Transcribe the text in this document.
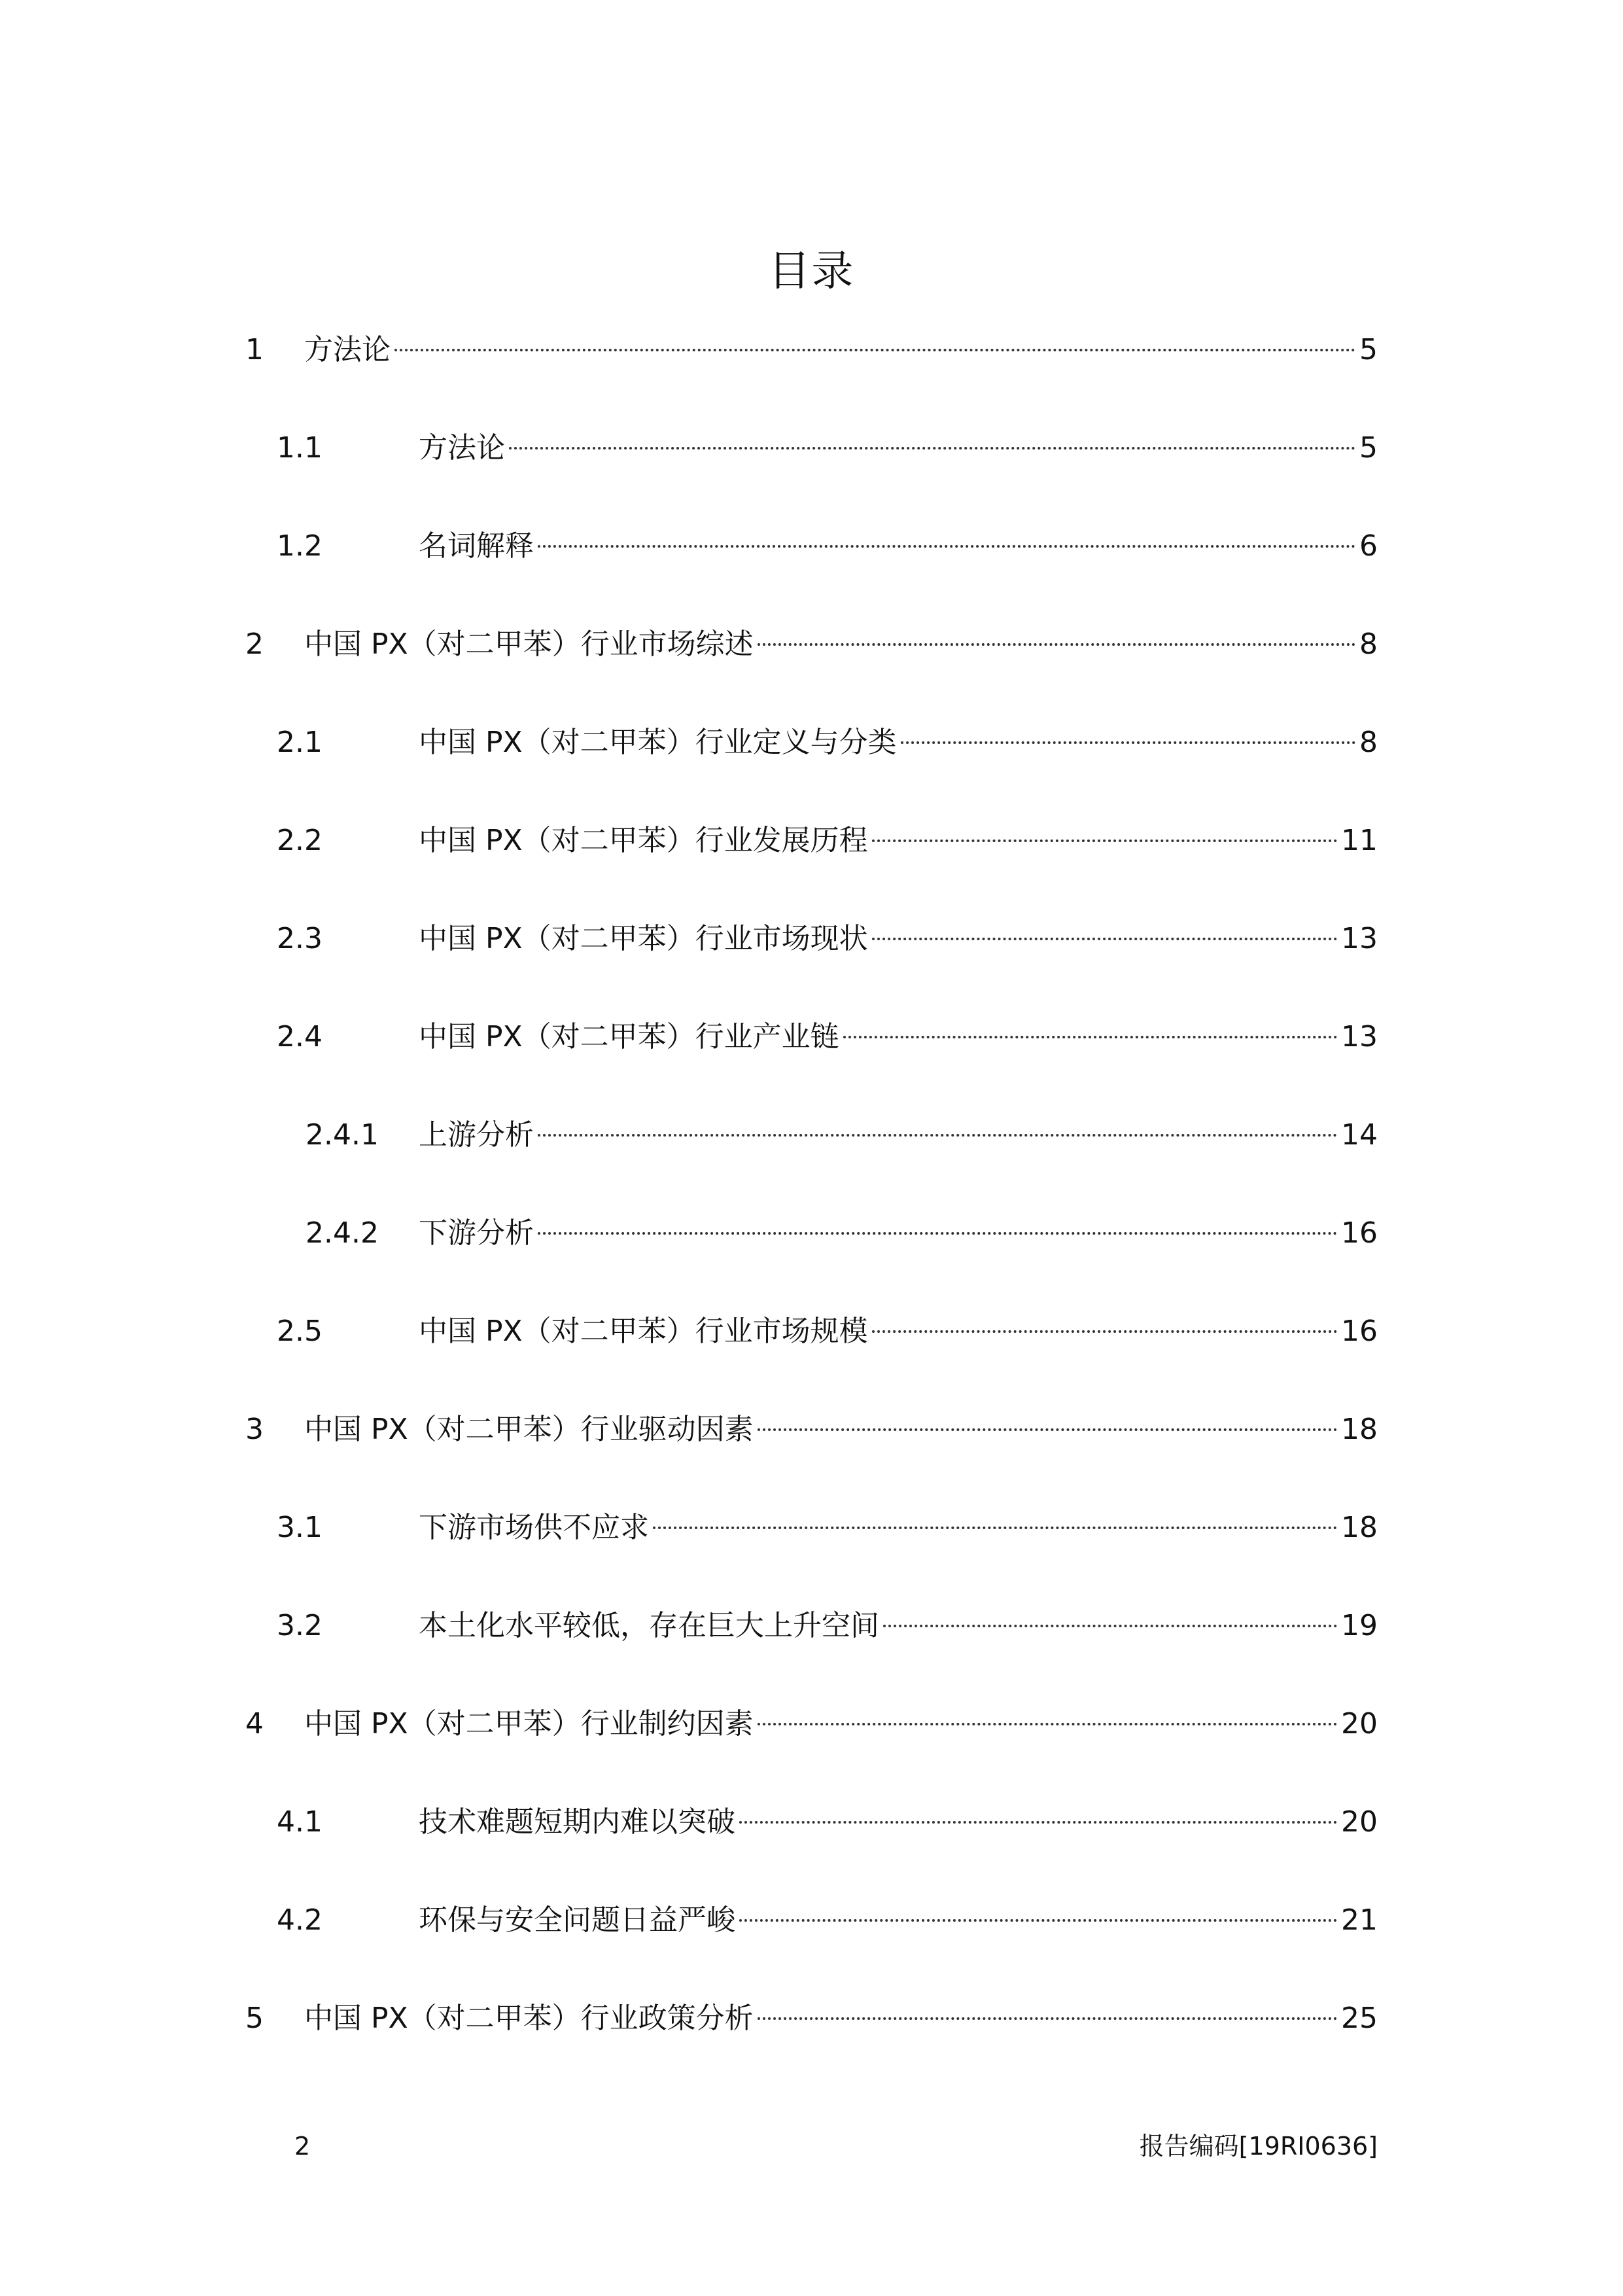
目录
1 方法论	5
1.1	方法论	5
1.2	名词解释	6
2 中国 PX（对二甲苯）行业市场综述	8
2.1	中国 PX（对二甲苯）行业定义与分类	8
2.2	中国 PX（对二甲苯）行业发展历程	11
2.3	中国 PX（对二甲苯）行业市场现状	13
2.4	中国 PX（对二甲苯）行业产业链	13
2.4.1 上游分析	14
2.4.2 下游分析	16
2.5	中国 PX（对二甲苯）行业市场规模	16
3 中国 PX（对二甲苯）行业驱动因素	18
3.1	下游市场供不应求	18
3.2	本土化水平较低，存在巨大上升空间	19
4 中国 PX（对二甲苯）行业制约因素	20
4.1	技术难题短期内难以突破	20
4.2	环保与安全问题日益严峻	21
5 中国 PX（对二甲苯）行业政策分析	25
2	报告编码[19RI0636]
